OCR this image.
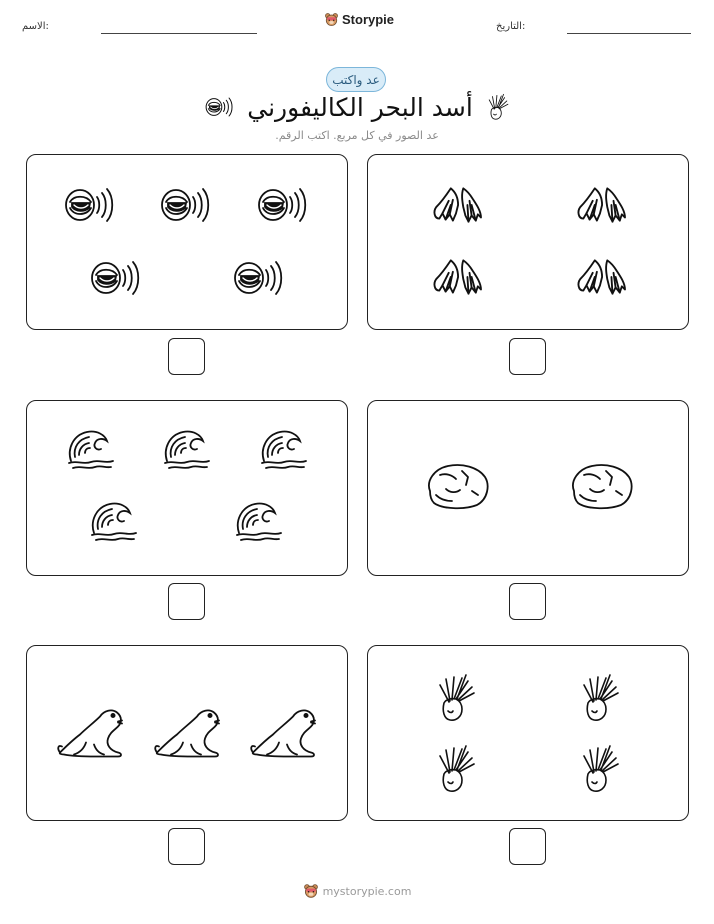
الاسم:	Storypie	التاريخ:
عد واكتب
أسد البحر الكاليفورني
عد الصور في كل مربع. اكتب الرقم.
mystorypie.com
